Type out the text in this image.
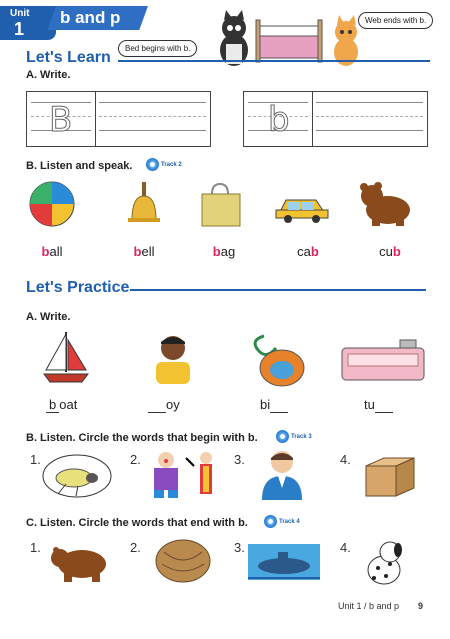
Unit
1
b and p
Bed begins with b.
Web ends with b.
Let's Learn
A. Write.
B	b
B. Listen and speak.	Track 2
ball	bell	bag	cab	cub
Let's Practice
A. Write.
b oat	oy	bi	tu
B. Listen. Circle the words that begin with b.	Track 3
1.	2.	3.	4.
C. Listen. Circle the words that end with b.	Track 4
1.	2.	3.	4.
Unit 1 / b and p 9
